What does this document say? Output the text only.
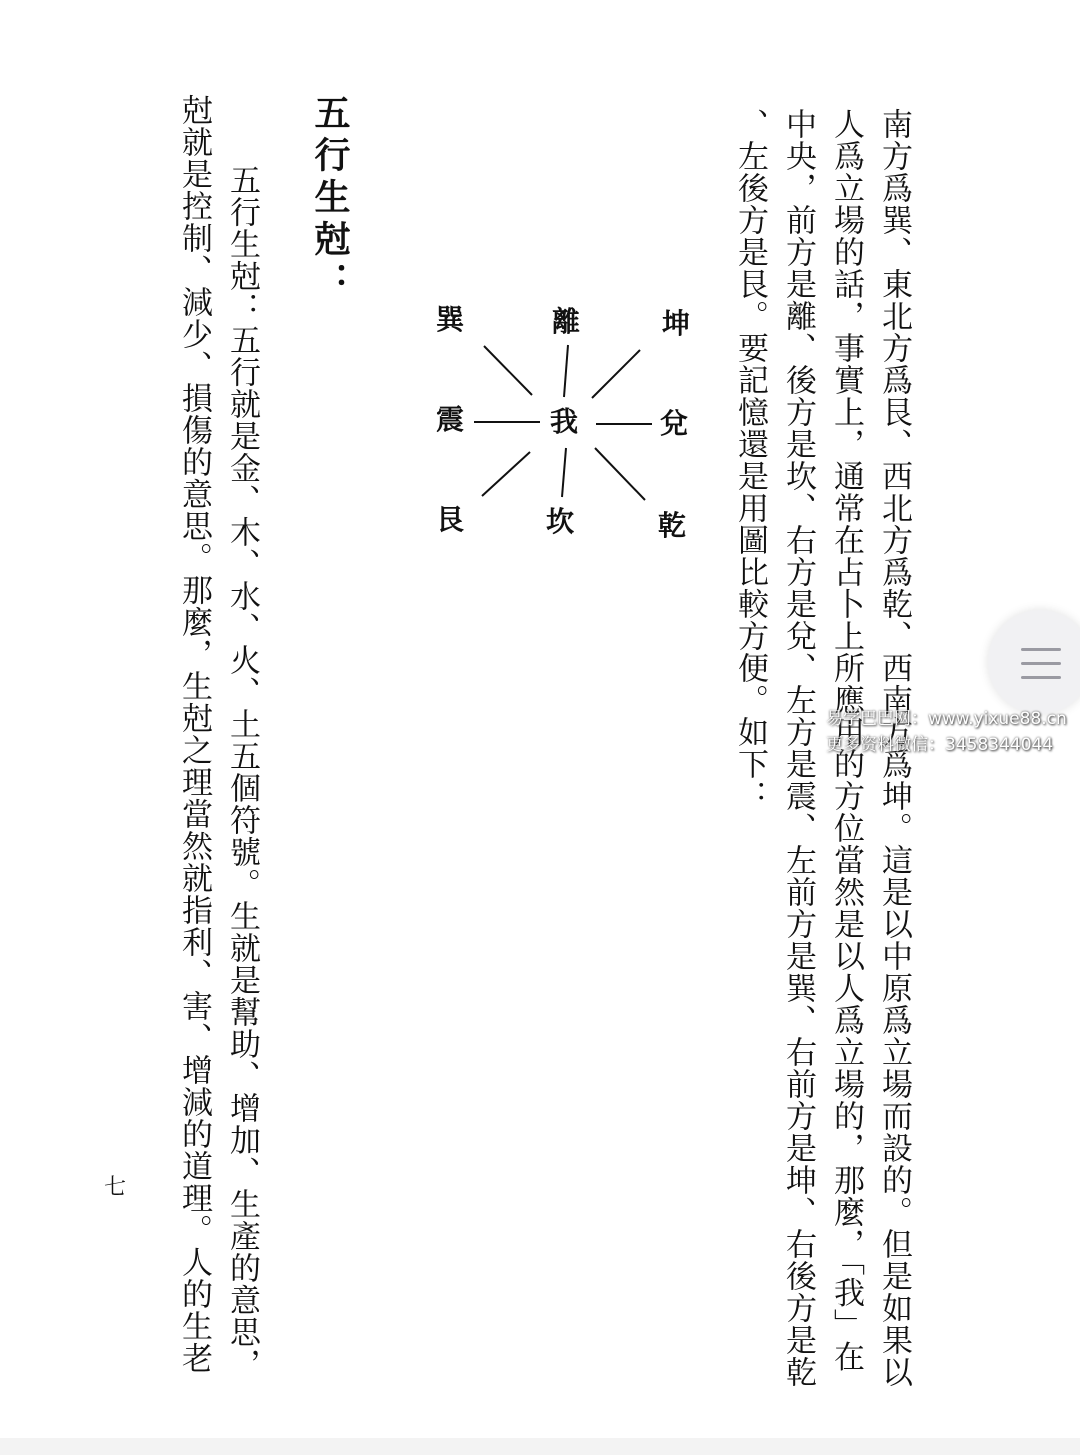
南方爲巽、東北方爲艮、西北方爲乾、西南方爲坤。這是以中原爲立場而設的。但是如果以
人爲立場的話，事實上，通常在占卜上所應用的方位當然是以人爲立場的，那麼，「我」在
中央，前方是離、後方是坎、右方是兌、左方是震、左前方是巽、右前方是坤、右後方是乾
、左後方是艮。要記憶還是用圖比較方便。如下：
巽	離	坤
震	我	兌
艮	坎	乾
五行生尅：
　五行生尅：五行就是金、木、水、火、土五個符號。生就是幫助、增加、生產的意思，
尅就是控制、減少、損傷的意思。那麼，生尅之理當然就指利、害、增減的道理。人的生老
七
易学巴巴网：www.yixue88.cn
更多资料微信：3458344044
